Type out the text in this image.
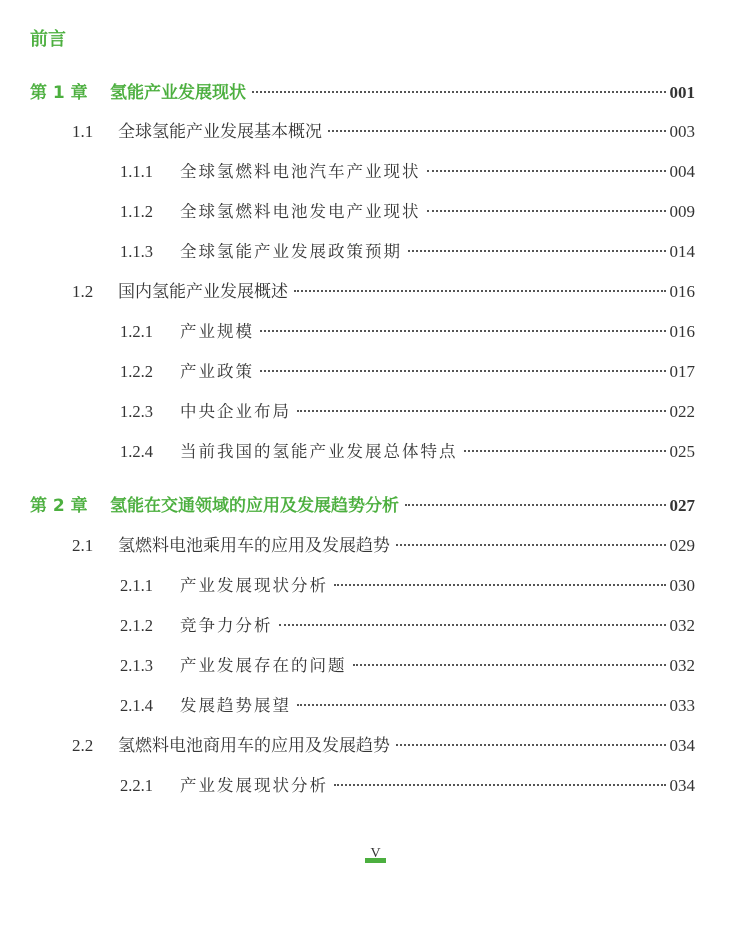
前言
第 1 章	氢能产业发展现状	001
1.1	全球氢能产业发展基本概况	003
1.1.1	全球氢燃料电池汽车产业现状	004
1.1.2	全球氢燃料电池发电产业现状	009
1.1.3	全球氢能产业发展政策预期	014
1.2	国内氢能产业发展概述	016
1.2.1	产业规模	016
1.2.2	产业政策	017
1.2.3	中央企业布局	022
1.2.4	当前我国的氢能产业发展总体特点	025
第 2 章	氢能在交通领域的应用及发展趋势分析	027
2.1	氢燃料电池乘用车的应用及发展趋势	029
2.1.1	产业发展现状分析	030
2.1.2	竞争力分析	032
2.1.3	产业发展存在的问题	032
2.1.4	发展趋势展望	033
2.2	氢燃料电池商用车的应用及发展趋势	034
2.2.1	产业发展现状分析	034
V
